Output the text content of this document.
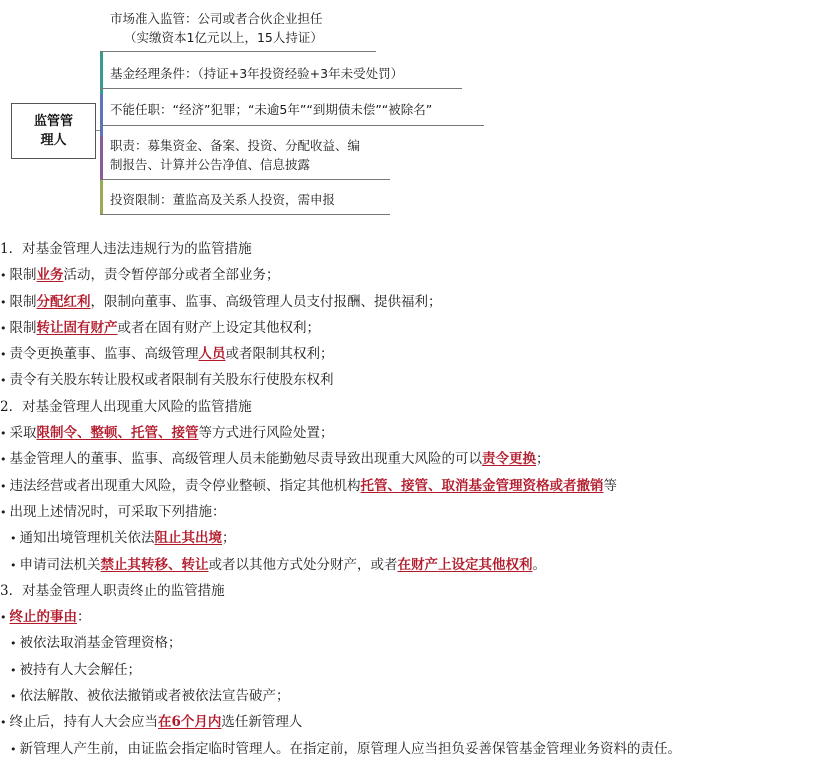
监管管理人
市场准入监管：公司或者合伙企业担任
（实缴资本1亿元以上，15人持证）
基金经理条件：（持证+3年投资经验+3年未受处罚）
不能任职：“经济”犯罪；“未逾5年”“到期债未偿”“被除名”
职责：募集资金、备案、投资、分配收益、编
制报告、计算并公告净值、信息披露
投资限制：董监高及关系人投资，需申报
1．对基金管理人违法违规行为的监管措施
• 限制业务活动，责令暂停部分或者全部业务；
• 限制分配红利，限制向董事、监事、高级管理人员支付报酬、提供福利；
• 限制转让固有财产或者在固有财产上设定其他权利；
• 责令更换董事、监事、高级管理人员或者限制其权利；
• 责令有关股东转让股权或者限制有关股东行使股东权利
2．对基金管理人出现重大风险的监管措施
• 采取限制令、整顿、托管、接管等方式进行风险处置；
• 基金管理人的董事、监事、高级管理人员未能勤勉尽责导致出现重大风险的可以责令更换；
• 违法经营或者出现重大风险，责令停业整顿、指定其他机构托管、接管、取消基金管理资格或者撤销等
• 出现上述情况时，可采取下列措施：
• 通知出境管理机关依法阻止其出境；
• 申请司法机关禁止其转移、转让或者以其他方式处分财产，或者在财产上设定其他权利。
3．对基金管理人职责终止的监管措施
• 终止的事由：
• 被依法取消基金管理资格；
• 被持有人大会解任；
• 依法解散、被依法撤销或者被依法宣告破产；
• 终止后，持有人大会应当在6个月内选任新管理人
• 新管理人产生前，由证监会指定临时管理人。在指定前，原管理人应当担负妥善保管基金管理业务资料的责任。
